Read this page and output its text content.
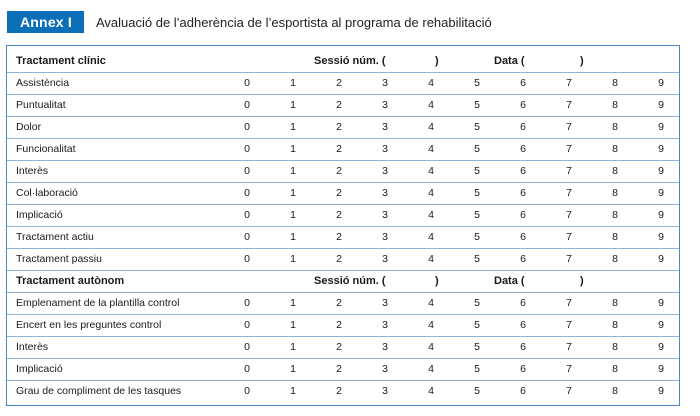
Annex I	Avaluació de l’adherència de l’esportista al programa de rehabilitació
Tractament clínic	Sessió núm. (	)	Data (	)
Assistència	0	1	2	3	4	5	6	7	8	9
Puntualitat	0	1	2	3	4	5	6	7	8	9
Dolor	0	1	2	3	4	5	6	7	8	9
Funcionalitat	0	1	2	3	4	5	6	7	8	9
Interès	0	1	2	3	4	5	6	7	8	9
Col·laboració	0	1	2	3	4	5	6	7	8	9
Implicació	0	1	2	3	4	5	6	7	8	9
Tractament actiu	0	1	2	3	4	5	6	7	8	9
Tractament passiu	0	1	2	3	4	5	6	7	8	9
Tractament autònom	Sessió núm. (	)	Data (	)
Emplenament de la plantilla control	0	1	2	3	4	5	6	7	8	9
Encert en les preguntes control	0	1	2	3	4	5	6	7	8	9
Interès	0	1	2	3	4	5	6	7	8	9
Implicació	0	1	2	3	4	5	6	7	8	9
Grau de compliment de les tasques	0	1	2	3	4	5	6	7	8	9
